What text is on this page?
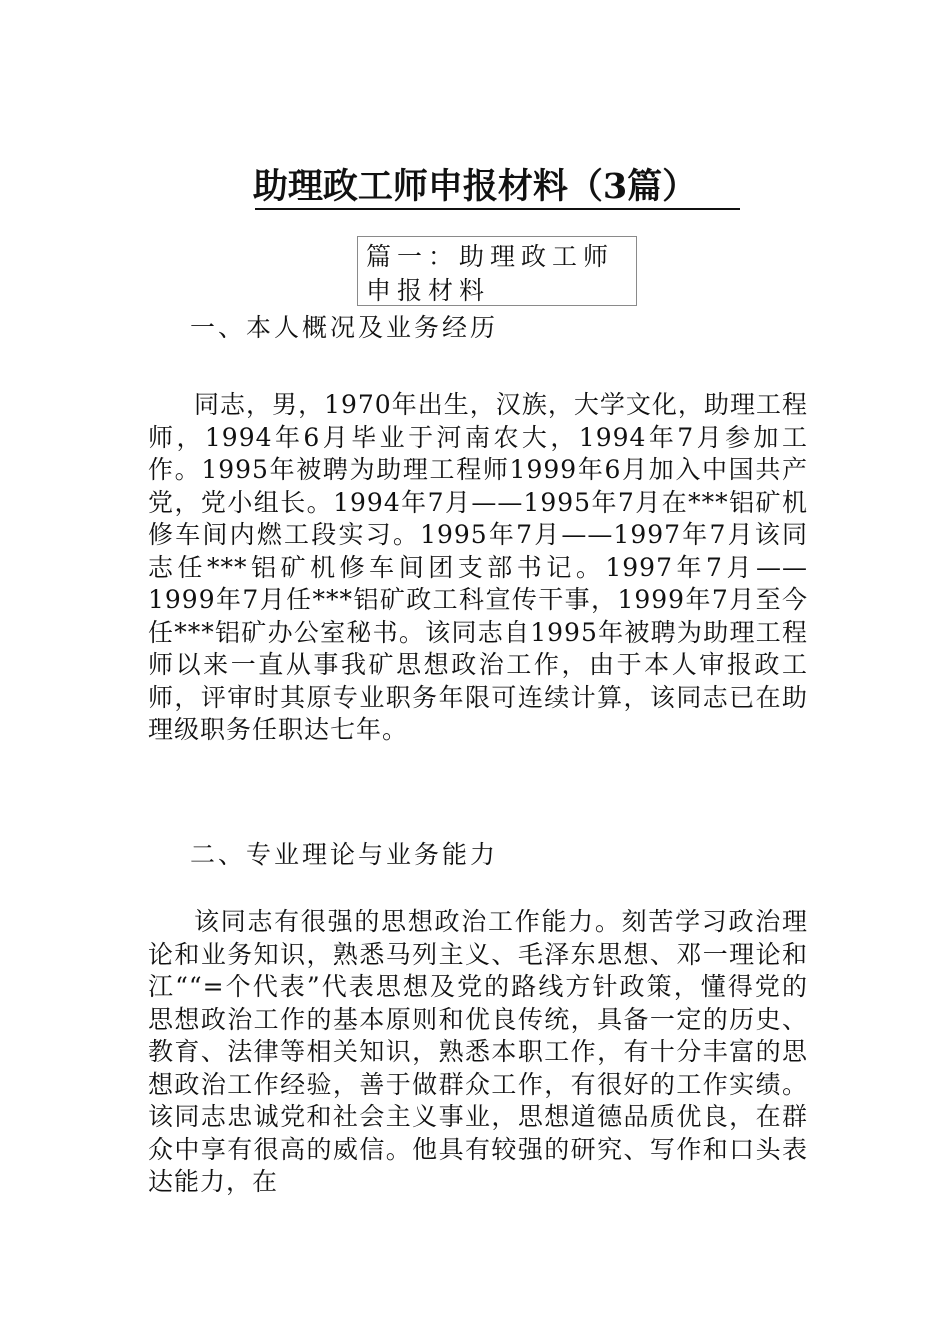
助理政工师申报材料（3篇）
篇一：助理政工师申报材料
一、本人概况及业务经历
同志，男，1970年出生，汉族，大学文化，助理工程师，1994年6月毕业于河南农大，1994年7月参加工作。1995年被聘为助理工程师1999年6月加入中国共产党，党小组长。1994年7月——1995年7月在***铝矿机修车间内燃工段实习。1995年7月——1997年7月该同志任***铝矿机修车间团支部书记。1997年7月——1999年7月任***铝矿政工科宣传干事，1999年7月至今任***铝矿办公室秘书。该同志自1995年被聘为助理工程师以来一直从事我矿思想政治工作，由于本人审报政工师，评审时其原专业职务年限可连续计算，该同志已在助理级职务任职达七年。
二、专业理论与业务能力
该同志有很强的思想政治工作能力。刻苦学习政治理论和业务知识，熟悉马列主义、毛泽东思想、邓一理论和江““=个代表”代表思想及党的路线方针政策，懂得党的思想政治工作的基本原则和优良传统，具备一定的历史、教育、法律等相关知识，熟悉本职工作，有十分丰富的思想政治工作经验，善于做群众工作，有很好的工作实绩。该同志忠诚党和社会主义事业，思想道德品质优良，在群众中享有很高的威信。他具有较强的研究、写作和口头表达能力，在
